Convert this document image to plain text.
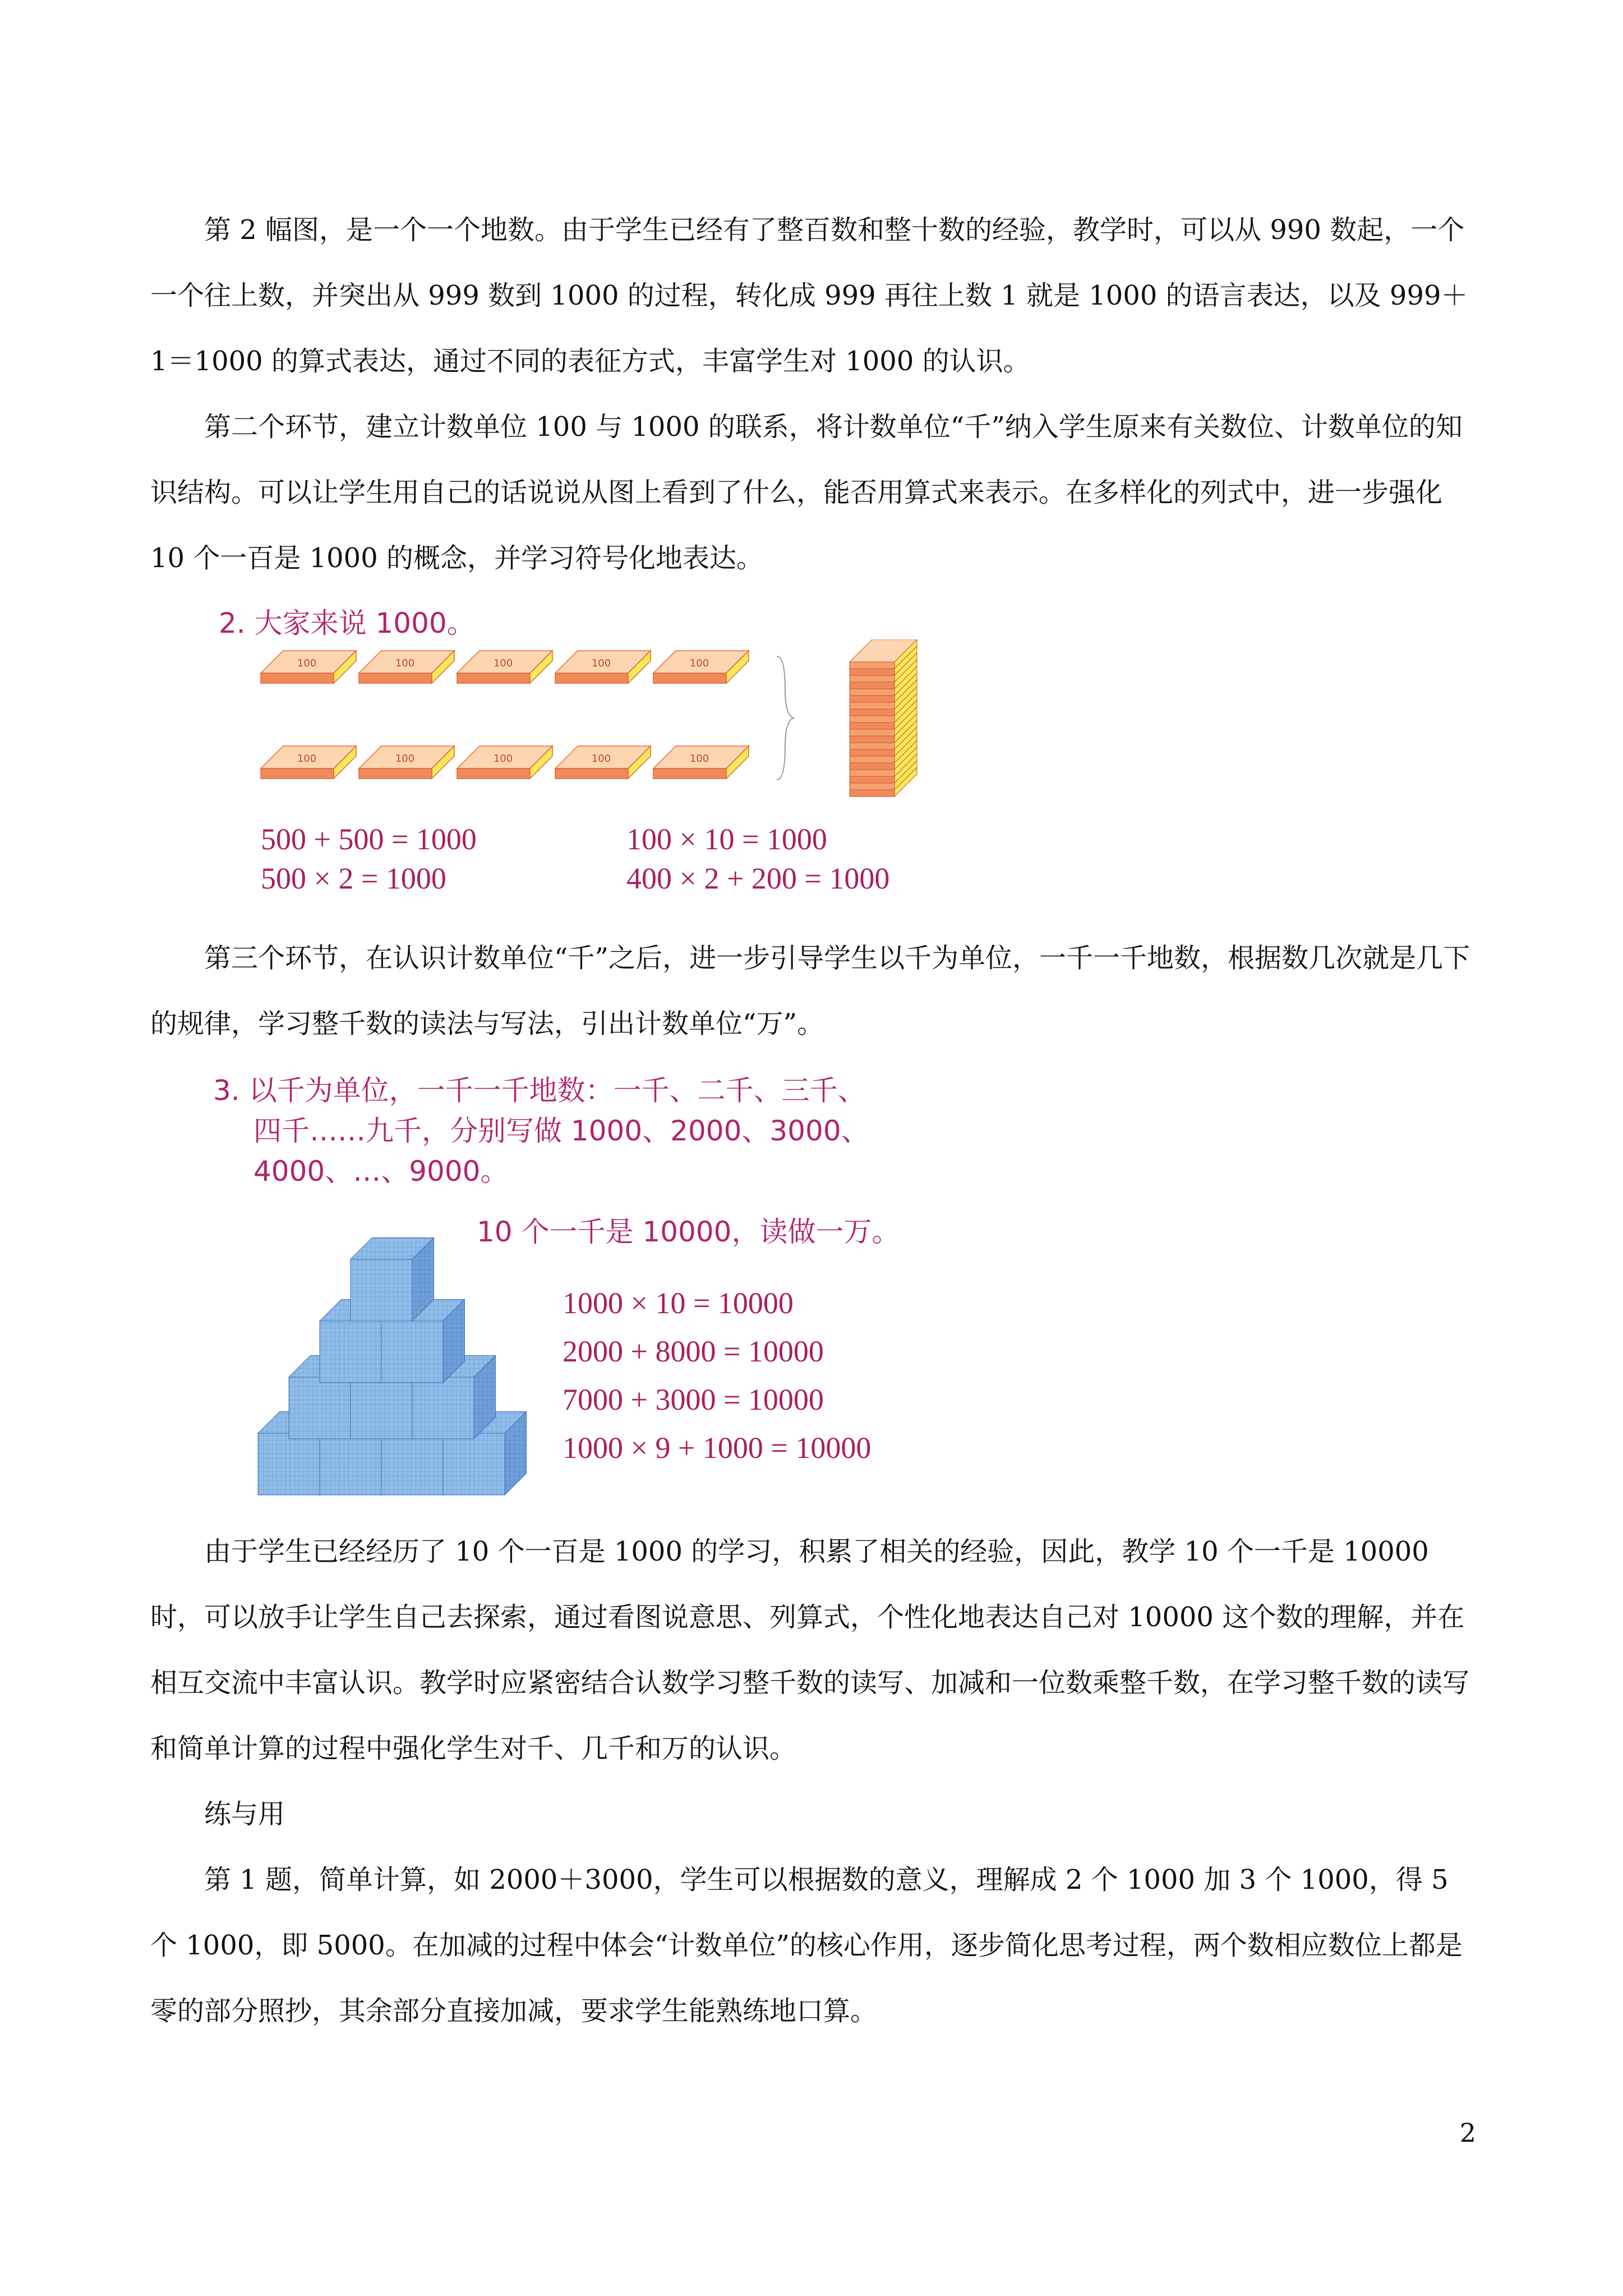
第 2 幅图，是一个一个地数。由于学生已经有了整百数和整十数的经验，教学时，可以从 990 数起，一个一个往上数，并突出从 999 数到 1000 的过程，转化成 999 再往上数 1 就是 1000 的语言表达，以及 999＋1＝1000 的算式表达，通过不同的表征方式，丰富学生对 1000 的认识。

第二个环节，建立计数单位 100 与 1000 的联系，将计数单位“千”纳入学生原来有关数位、计数单位的知识结构。可以让学生用自己的话说说从图上看到了什么，能否用算式来表示。在多样化的列式中，进一步强化 10 个一百是 1000 的概念，并学习符号化地表达。

2. 大家来说 1000。
100	100	100	100	100
100	100	100	100	100
500 + 500 = 1000
500 × 2 = 1000
100 × 10 = 1000
400 × 2 + 200 = 1000

第三个环节，在认识计数单位“千”之后，进一步引导学生以千为单位，一千一千地数，根据数几次就是几下的规律，学习整千数的读法与写法，引出计数单位“万”。

3. 以千为单位，一千一千地数：一千、二千、三千、
四千……九千，分别写做 1000、2000、3000、
4000、…、9000。
10 个一千是 10000，读做一万。
1000 × 10 = 10000
2000 + 8000 = 10000
7000 + 3000 = 10000
1000 × 9 + 1000 = 10000

由于学生已经经历了 10 个一百是 1000 的学习，积累了相关的经验，因此，教学 10 个一千是 10000 时，可以放手让学生自己去探索，通过看图说意思、列算式，个性化地表达自己对 10000 这个数的理解，并在相互交流中丰富认识。教学时应紧密结合认数学习整千数的读写、加减和一位数乘整千数，在学习整千数的读写和简单计算的过程中强化学生对千、几千和万的认识。

练与用

第 1 题，简单计算，如 2000＋3000，学生可以根据数的意义，理解成 2 个 1000 加 3 个 1000，得 5 个 1000，即 5000。在加减的过程中体会“计数单位”的核心作用，逐步简化思考过程，两个数相应数位上都是零的部分照抄，其余部分直接加减，要求学生能熟练地口算。

2
